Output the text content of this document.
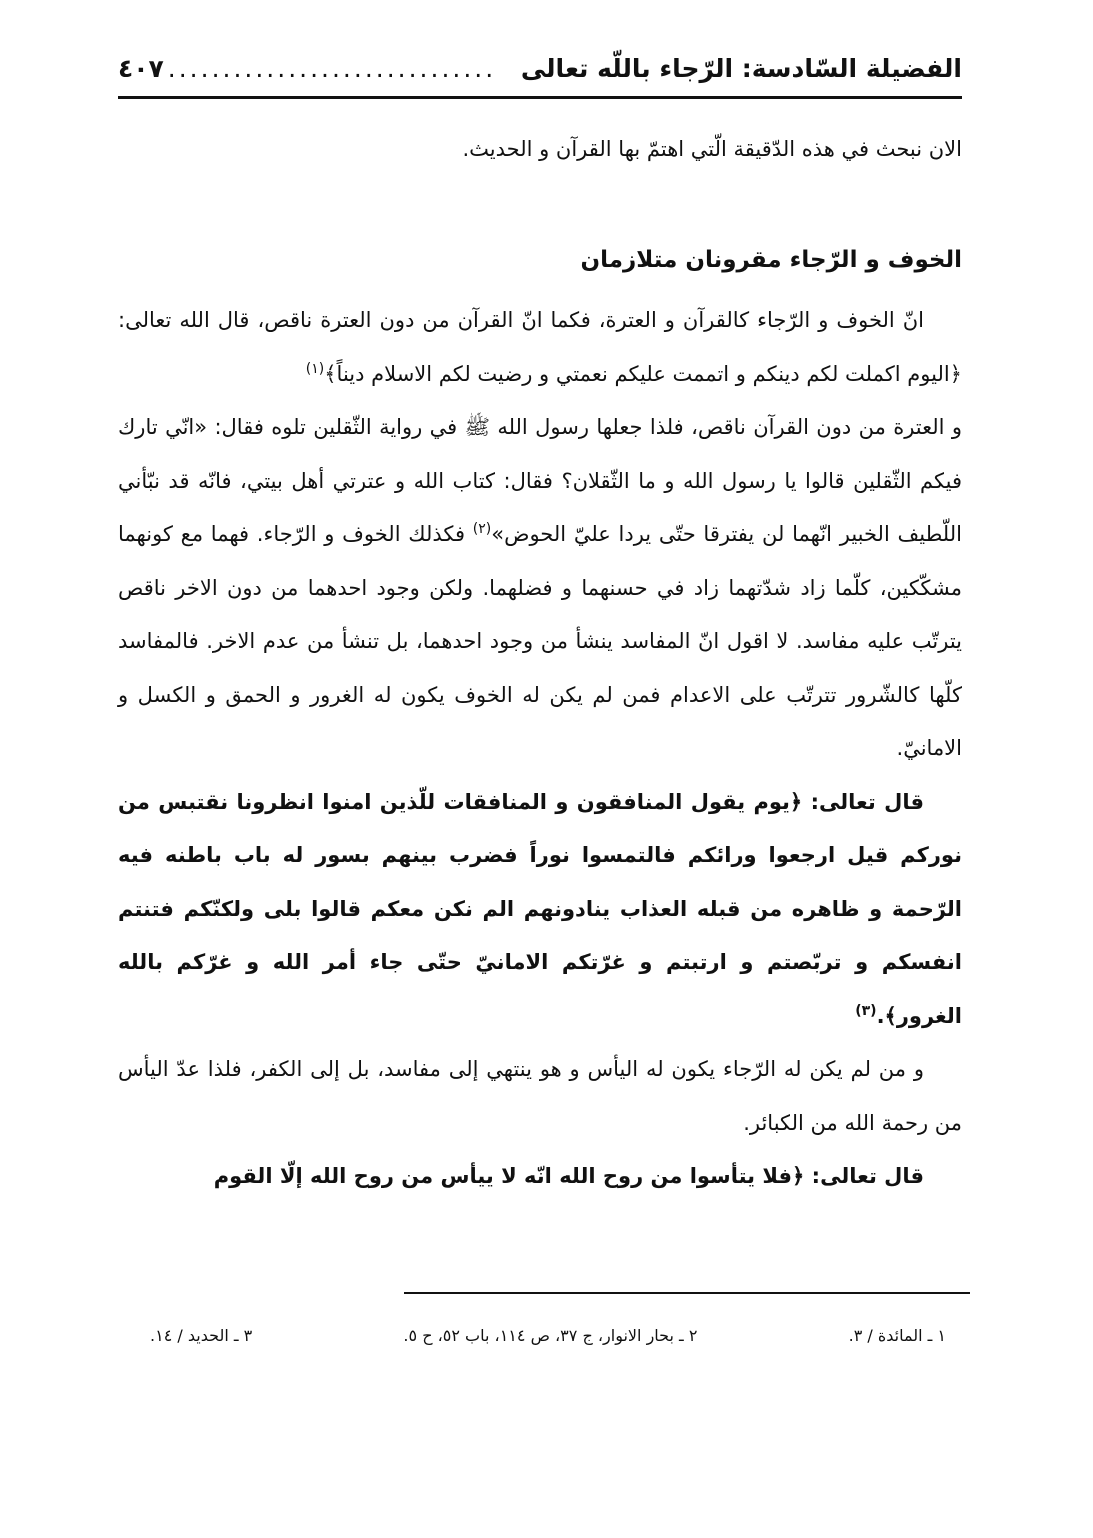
الفضيلة السّادسة: الرّجاء باللّه تعالى
..............................
٤٠٧
الان نبحث في هذه الدّقيقة الّتي اهتمّ بها القرآن و الحديث.
الخوف و الرّجاء مقرونان متلازمان

انّ الخوف و الرّجاء كالقرآن و العترة، فكما انّ القرآن من دون العترة ناقص، قال الله تعالى: ﴿اليوم اكملت لكم دينكم و اتممت عليكم نعمتي و رضيت لكم الاسلام ديناً﴾$^{(١)}$

و العترة من دون القرآن ناقص، فلذا جعلها رسول الله ﷺ في رواية الثّقلين تلوه فقال: «انّي تارك فيكم الثّقلين قالوا يا رسول الله و ما الثّقلان؟ فقال: كتاب الله و عترتي أهل بيتي، فانّه قد نبّأني اللّطيف الخبير انّهما لن يفترقا حتّى يردا عليّ الحوض»$^{(٢)}$ فكذلك الخوف و الرّجاء. فهما مع كونهما مشكّكين، كلّما زاد شدّتهما زاد في حسنهما و فضلهما. ولكن وجود احدهما من دون الاخر ناقص يترتّب عليه مفاسد. لا اقول انّ المفاسد ينشأ من وجود احدهما، بل تنشأ من عدم الاخر. فالمفاسد كلّها كالشّرور تترتّب على الاعدام فمن لم يكن له الخوف يكون له الغرور و الحمق و الكسل و الامانيّ.

قال تعالى: ﴿يوم يقول المنافقون و المنافقات للّذين امنوا انظرونا نقتبس من نوركم قيل ارجعوا ورائكم فالتمسوا نوراً فضرب بينهم بسور له باب باطنه فيه الرّحمة و ظاهره من قبله العذاب ينادونهم الم نكن معكم قالوا بلى ولكنّكم فتنتم انفسكم و تربّصتم و ارتبتم و غرّتكم الامانيّ حتّى جاء أمر الله و غرّكم بالله الغرور﴾.$^{(٣)}$

و من لم يكن له الرّجاء يكون له اليأس و هو ينتهي إلى مفاسد، بل إلى الكفر، فلذا عدّ اليأس من رحمة الله من الكبائر.

قال تعالى: ﴿فلا يتأسوا من روح الله انّه لا ييأس من روح الله إلّا القوم

١ ـ المائدة / ٣.
٢ ـ بحار الانوار، ج ٣٧، ص ١١٤، باب ٥٢، ح ٥.
٣ ـ الحديد / ١٤.
